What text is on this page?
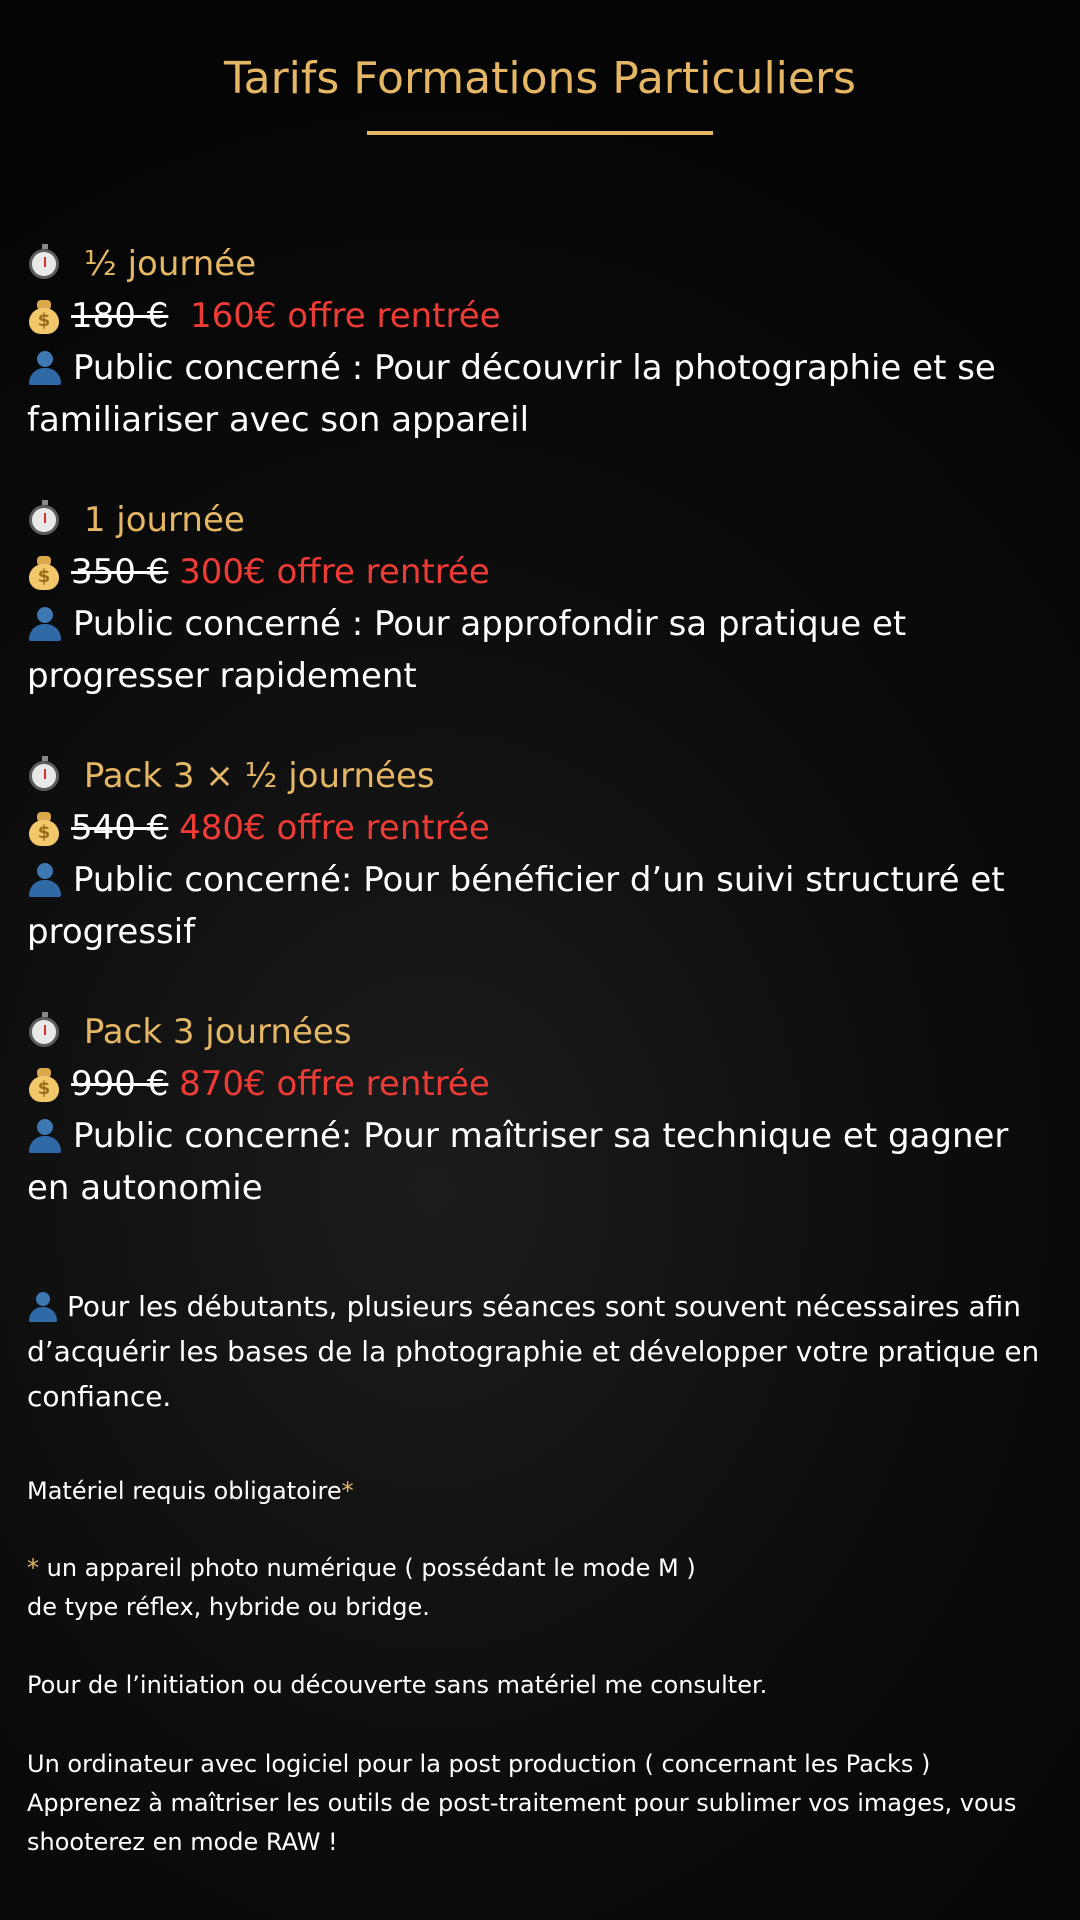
Tarifs Formations Particuliers

½ journée

$ 180 € 160€ offre rentrée

Public concerné : Pour découvrir la photographie et se familiariser avec son appareil

1 journée

$ 350 € 300€ offre rentrée

Public concerné : Pour approfondir sa pratique et progresser rapidement

Pack 3 × ½ journées

$ 540 € 480€ offre rentrée

Public concerné: Pour bénéficier d’un suivi structuré et progressif

Pack 3 journées

$ 990 € 870€ offre rentrée

Public concerné: Pour maîtriser sa technique et gagner en autonomie

Pour les débutants, plusieurs séances sont souvent nécessaires afin d’acquérir les bases de la photographie et développer votre pratique en confiance.
Matériel requis obligatoire*
* un appareil photo numérique ( possédant le mode M )
de type réflex, hybride ou bridge.
Pour de l’initiation ou découverte sans matériel me consulter.
Un ordinateur avec logiciel pour la post production ( concernant les Packs )
Apprenez à maîtriser les outils de post-traitement pour sublimer vos images, vous shooterez en mode RAW !
